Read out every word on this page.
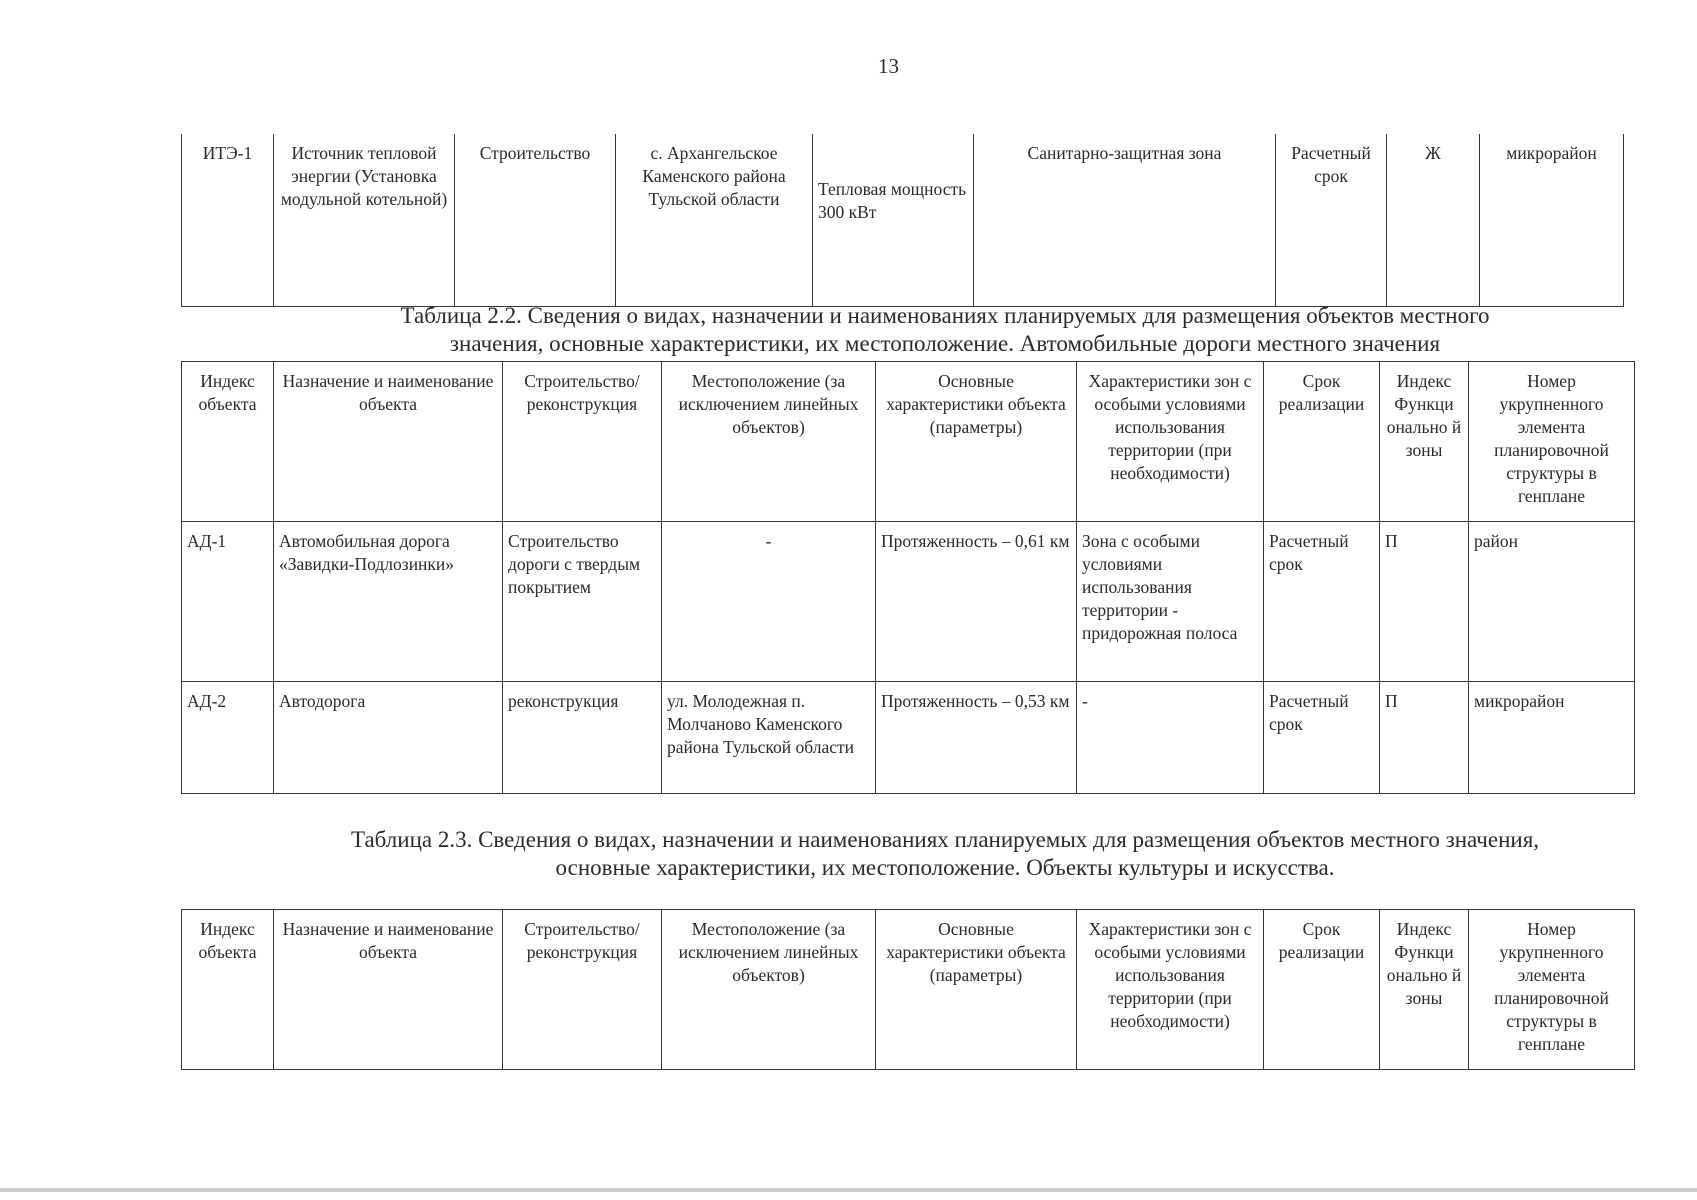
13
ИТЭ-1	Источник тепловой энергии (Установка модульной котельной)	Строительство	с. Архангельское Каменского района Тульской области	Тепловая мощность 300 кВт	Санитарно-защитная зона	Расчетный срок	Ж	микрорайон
Таблица 2.2. Сведения о видах, назначении и наименованиях планируемых для размещения объектов местного
значения, основные характеристики, их местоположение. Автомобильные дороги местного значения
Индекс объекта	Назначение и наименование объекта	Строительство/ реконструкция	Местоположение (за исключением линейных объектов)	Основные характеристики объекта (параметры)	Характеристики зон с особыми условиями использования территории (при необходимости)	Срок реализации	Индекс Функци онально й зоны	Номер укрупненного элемента планировочной структуры в генплане
АД-1	Автомобильная дорога «Завидки-Подлозинки»	Строительство дороги с твердым покрытием	-	Протяженность – 0,61 км	Зона с особыми условиями использования территории - придорожная полоса	Расчетный срок	П	район
АД-2	Автодорога	реконструкция	ул. Молодежная п. Молчаново Каменского района Тульской области	Протяженность – 0,53 км	-	Расчетный срок	П	микрорайон
Таблица 2.3. Сведения о видах, назначении и наименованиях планируемых для размещения объектов местного значения,
основные характеристики, их местоположение. Объекты культуры и искусства.
Индекс объекта	Назначение и наименование объекта	Строительство/ реконструкция	Местоположение (за исключением линейных объектов)	Основные характеристики объекта (параметры)	Характеристики зон с особыми условиями использования территории (при необходимости)	Срок реализации	Индекс Функци онально й зоны	Номер укрупненного элемента планировочной структуры в генплане
